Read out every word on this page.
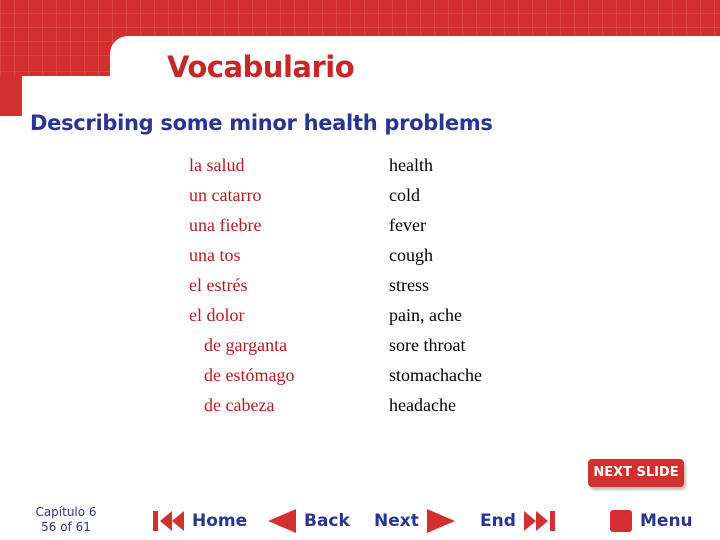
Vocabulario
Describing some minor health problems
la salud	health
un catarro	cold
una fiebre	fever
una tos	cough
el estrés	stress
el dolor	pain, ache
de garganta	sore throat
de estómago	stomachache
de cabeza	headache
NEXT SLIDE
Capítulo 6
56 of 61	Home	Back Next	End	Menu
